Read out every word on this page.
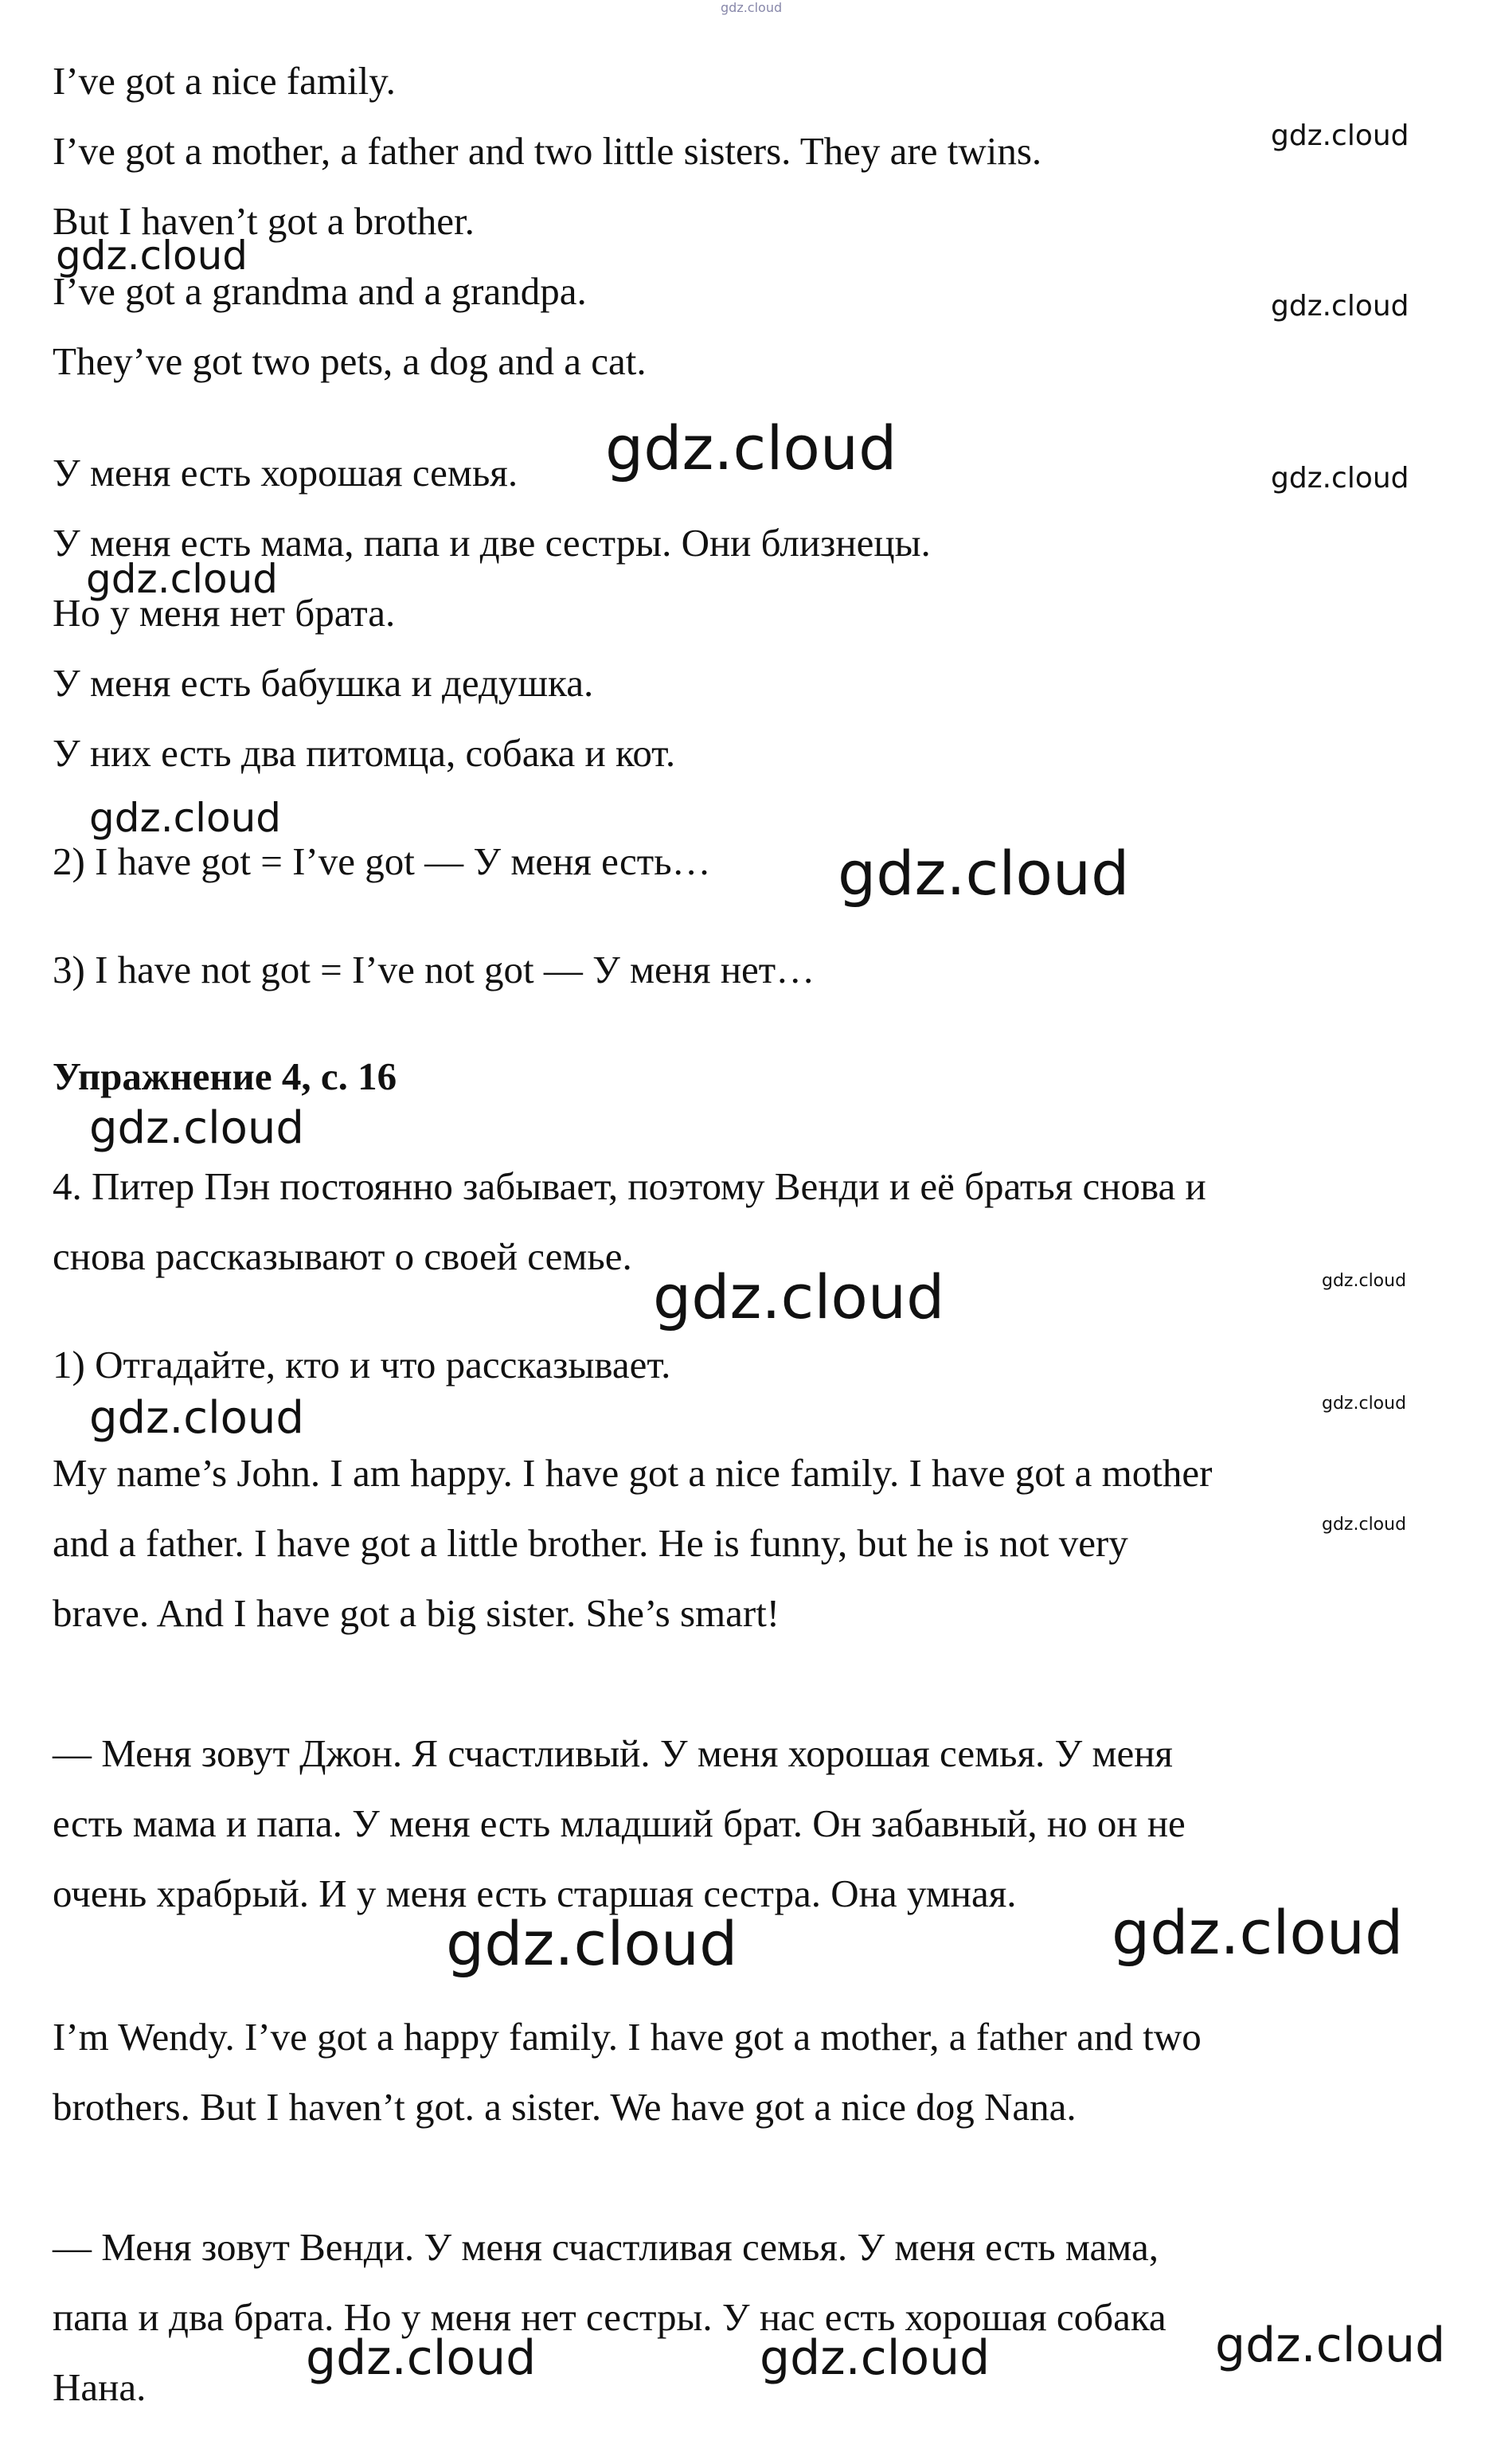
I’ve got a nice family.

I’ve got a mother, a father and two little sisters. They are twins.

But I haven’t got a brother.

I’ve got a grandma and a grandpa.

They’ve got two pets, a dog and a cat.

У меня есть хорошая семья.

У меня есть мама, папа и две сестры. Они близнецы.

Но у меня нет брата.

У меня есть бабушка и дедушка.

У них есть два питомца, собака и кот.

2) I have got = I’ve got — У меня есть…

3) I have not got = I’ve not got — У меня нет…

Упражнение 4, с. 16

4. Питер Пэн постоянно забывает, поэтому Венди и её братья снова и

снова рассказывают о своей семье.

1) Отгадайте, кто и что рассказывает.

My name’s John. I am happy. I have got a nice family. I have got a mother

and a father. I have got a little brother. He is funny, but he is not very

brave. And I have got a big sister. She’s smart!

— Меня зовут Джон. Я счастливый. У меня хорошая семья. У меня

есть мама и папа. У меня есть младший брат. Он забавный, но он не

очень храбрый. И у меня есть старшая сестра. Она умная.

I’m Wendy. I’ve got a happy family. I have got a mother, a father and two

brothers. But I haven’t got. a sister. We have got a nice dog Nana.

— Меня зовут Венди. У меня счастливая семья. У меня есть мама,

папа и два брата. Но у меня нет сестры. У нас есть хорошая собака

Нана.

gdz.cloud
gdz.cloud
gdz.cloud
gdz.cloud
gdz.cloud	gdz.cloud
gdz.cloud
gdz.cloud
gdz.cloud
gdz.cloud
gdz.cloud
gdz.cloud
gdz.cloud
gdz.cloud
gdz.cloud
gdz.cloud	gdz.cloud
gdz.cloud	gdz.cloud	gdz.cloud
